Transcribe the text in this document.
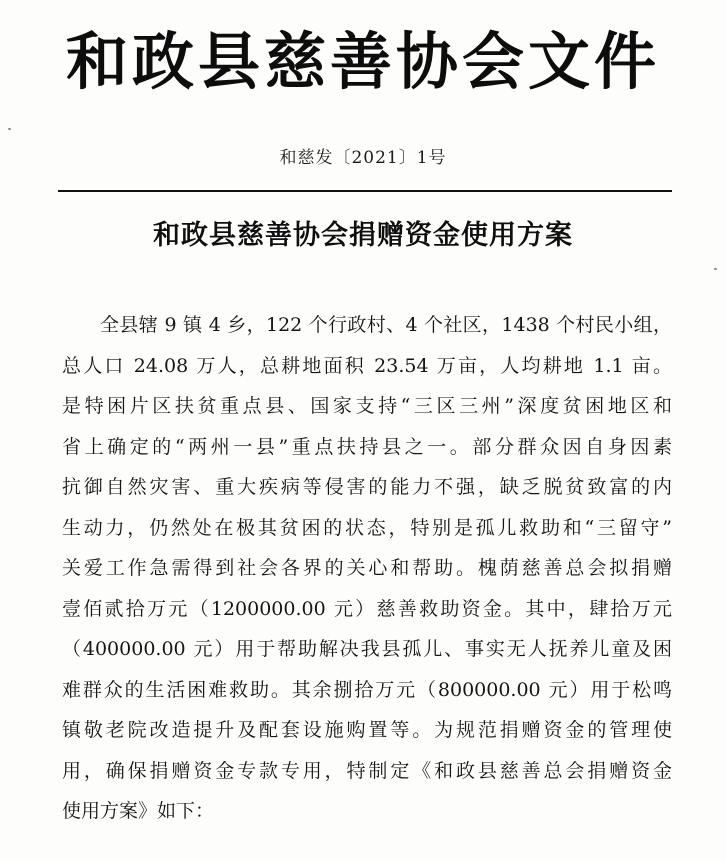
和政县慈善协会文件
和慈发〔2021〕1号
和政县慈善协会捐赠资金使用方案
全县辖 9 镇 4 乡，122 个行政村、4 个社区，1438 个村民小组，
总人口 24.08 万人，总耕地面积 23.54 万亩，人均耕地 1.1 亩。
是特困片区扶贫重点县、国家支持“三区三州”深度贫困地区和
省上确定的“两州一县”重点扶持县之一。部分群众因自身因素
抗御自然灾害、重大疾病等侵害的能力不强，缺乏脱贫致富的内
生动力，仍然处在极其贫困的状态，特别是孤儿救助和“三留守”
关爱工作急需得到社会各界的关心和帮助。槐荫慈善总会拟捐赠
壹佰贰拾万元（1200000.00 元）慈善救助资金。其中，肆拾万元
（400000.00 元）用于帮助解决我县孤儿、事实无人抚养儿童及困
难群众的生活困难救助。其余捌拾万元（800000.00 元）用于松鸣
镇敬老院改造提升及配套设施购置等。为规范捐赠资金的管理使
用，确保捐赠资金专款专用，特制定《和政县慈善总会捐赠资金
使用方案》如下：
